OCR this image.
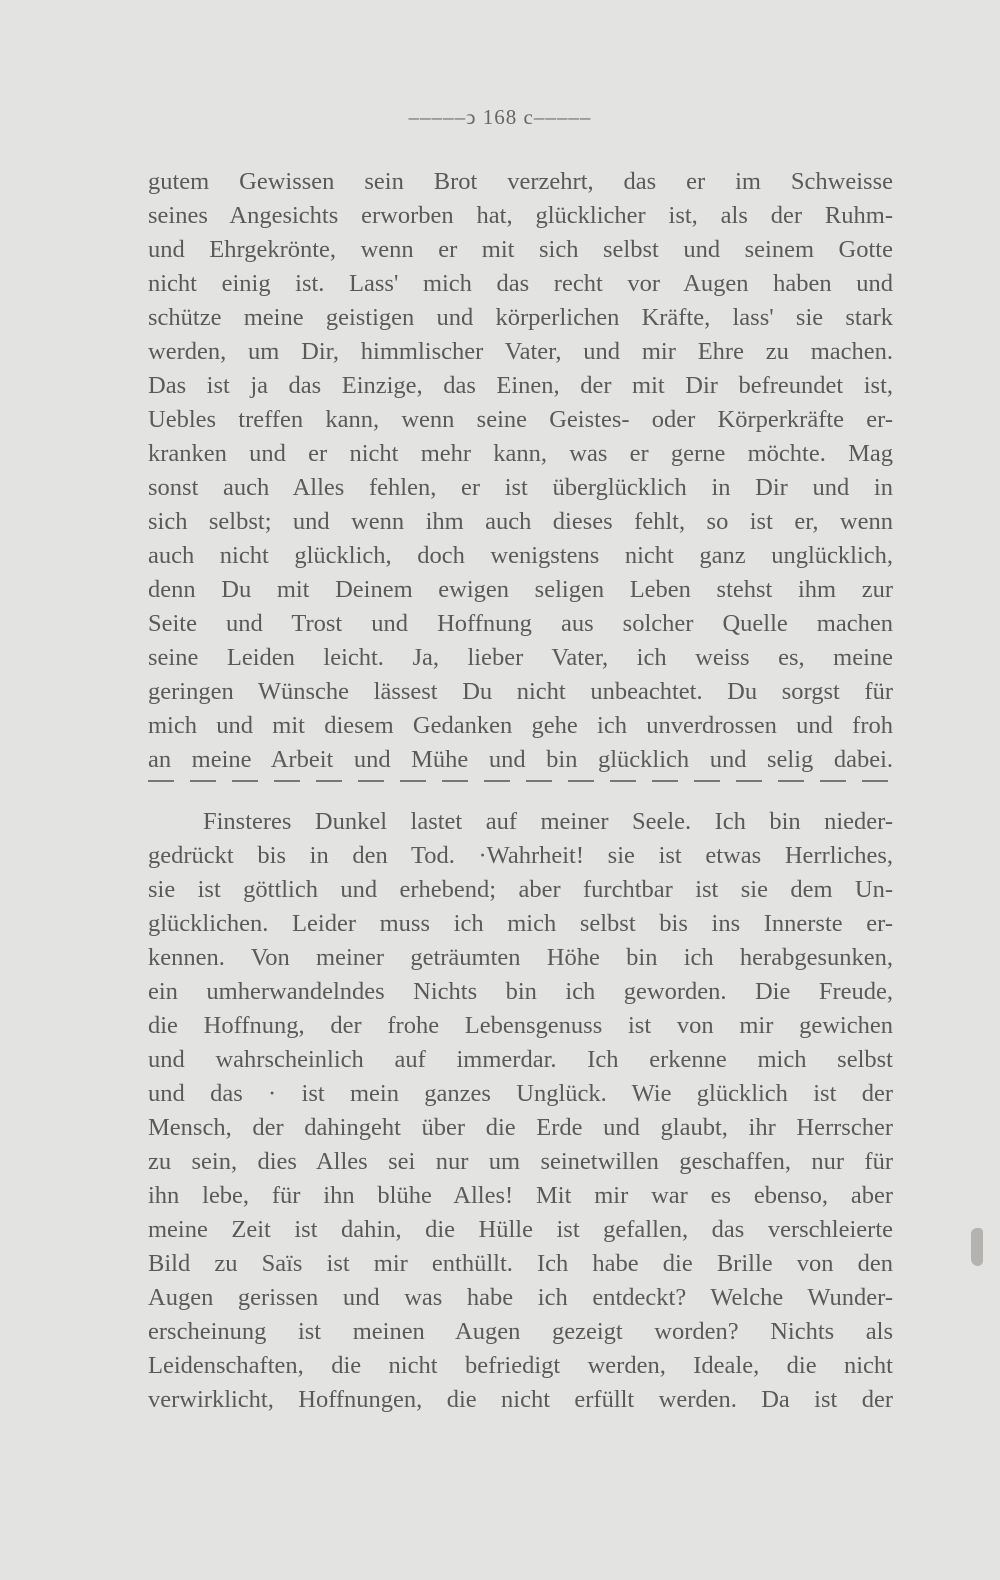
–––––ↄ 168 c–––––
gutem Gewissen sein Brot verzehrt, das er im Schweisse
seines Angesichts erworben hat, glücklicher ist, als der Ruhm-
und Ehrgekrönte, wenn er mit sich selbst und seinem Gotte
nicht einig ist. Lass' mich das recht vor Augen haben und
schütze meine geistigen und körperlichen Kräfte, lass' sie stark
werden, um Dir, himmlischer Vater, und mir Ehre zu machen.
Das ist ja das Einzige, das Einen, der mit Dir befreundet ist,
Uebles treffen kann, wenn seine Geistes- oder Körperkräfte er-
kranken und er nicht mehr kann, was er gerne möchte. Mag
sonst auch Alles fehlen, er ist überglücklich in Dir und in
sich selbst; und wenn ihm auch dieses fehlt, so ist er, wenn
auch nicht glücklich, doch wenigstens nicht ganz unglücklich,
denn Du mit Deinem ewigen seligen Leben stehst ihm zur
Seite und Trost und Hoffnung aus solcher Quelle machen
seine Leiden leicht. Ja, lieber Vater, ich weiss es, meine
geringen Wünsche lässest Du nicht unbeachtet. Du sorgst für
mich und mit diesem Gedanken gehe ich unverdrossen und froh
an meine Arbeit und Mühe und bin glücklich und selig dabei.
Finsteres Dunkel lastet auf meiner Seele. Ich bin nieder-
gedrückt bis in den Tod. ·Wahrheit! sie ist etwas Herrliches,
sie ist göttlich und erhebend; aber furchtbar ist sie dem Un-
glücklichen. Leider muss ich mich selbst bis ins Innerste er-
kennen. Von meiner geträumten Höhe bin ich herabgesunken,
ein umherwandelndes Nichts bin ich geworden. Die Freude,
die Hoffnung, der frohe Lebensgenuss ist von mir gewichen
und wahrscheinlich auf immerdar. Ich erkenne mich selbst
und das · ist mein ganzes Unglück. Wie glücklich ist der
Mensch, der dahingeht über die Erde und glaubt, ihr Herrscher
zu sein, dies Alles sei nur um seinetwillen geschaffen, nur für
ihn lebe, für ihn blühe Alles! Mit mir war es ebenso, aber
meine Zeit ist dahin, die Hülle ist gefallen, das verschleierte
Bild zu Saïs ist mir enthüllt. Ich habe die Brille von den
Augen gerissen und was habe ich entdeckt? Welche Wunder-
erscheinung ist meinen Augen gezeigt worden? Nichts als
Leidenschaften, die nicht befriedigt werden, Ideale, die nicht
verwirklicht, Hoffnungen, die nicht erfüllt werden. Da ist der
